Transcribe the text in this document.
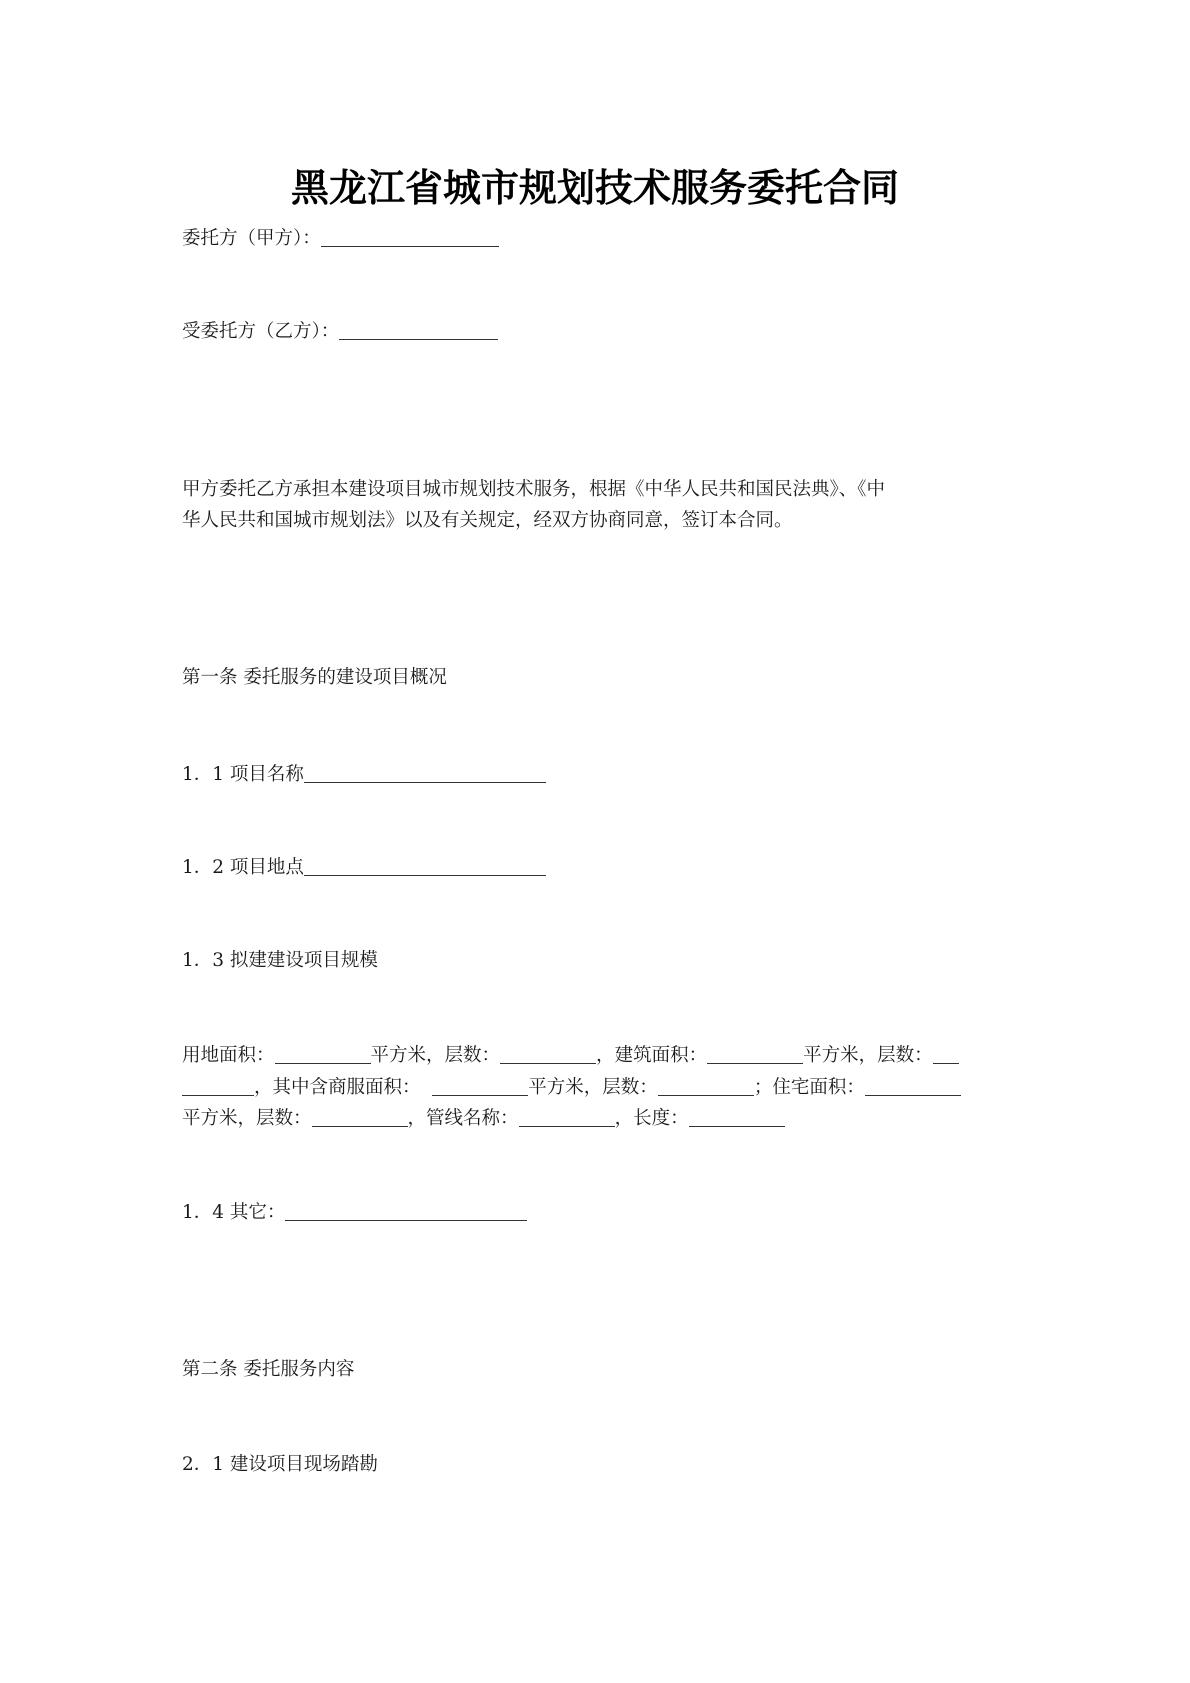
黑龙江省城市规划技术服务委托合同
委托方（甲方）：
受委托方（乙方）：
甲方委托乙方承担本建设项目城市规划技术服务，根据《中华人民共和国民法典》、《中
华人民共和国城市规划法》以及有关规定，经双方协商同意，签订本合同。
第一条 委托服务的建设项目概况
1．1 项目名称
1．2 项目地点
1．3 拟建建设项目规模
用地面积：	平方米，层数：	，建筑面积：	平方米，层数：
，其中含商服面积：	平方米，层数：	；住宅面积：
平方米，层数：	，管线名称：	，长度：
1．4 其它：
第二条 委托服务内容
2．1 建设项目现场踏勘
